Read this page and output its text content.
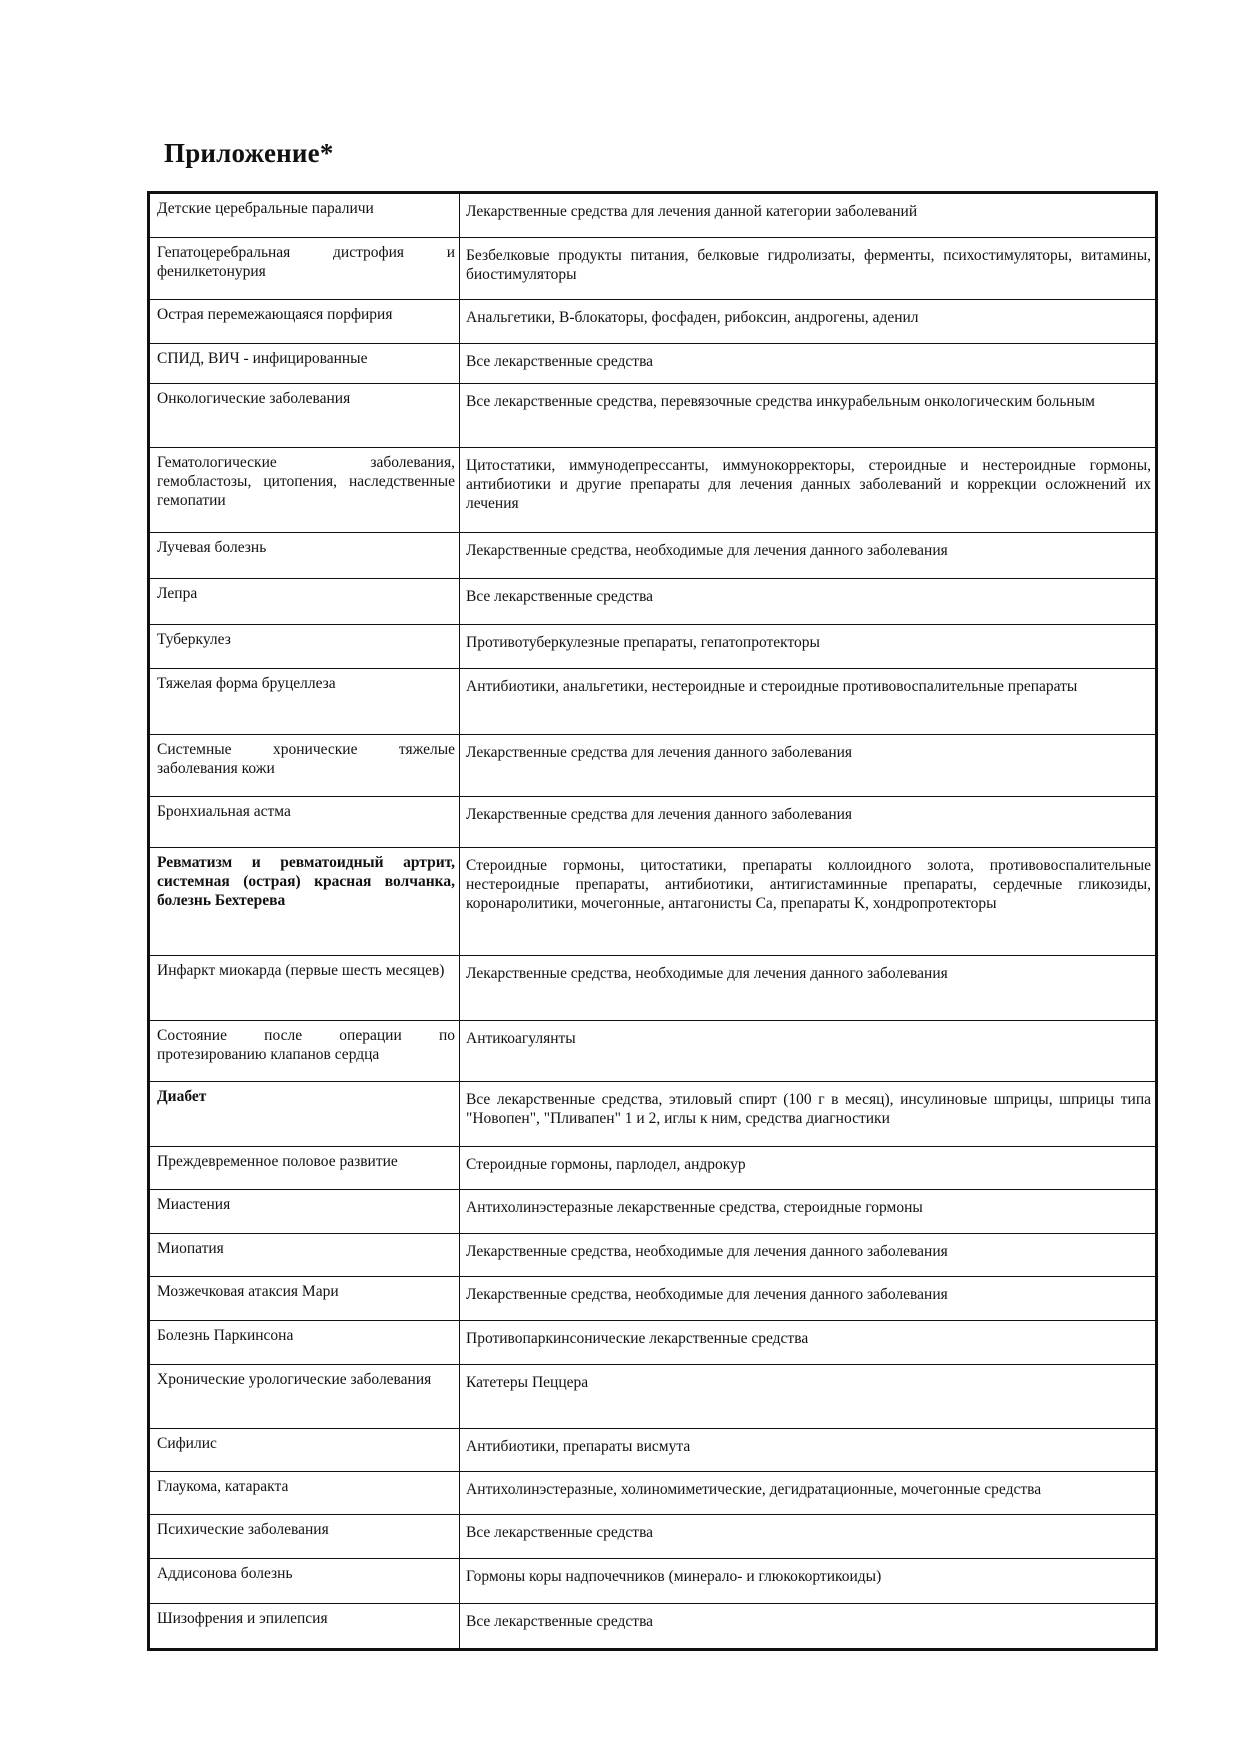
Приложение*
Детские церебральные параличи	Лекарственные средства для лечения данной категории заболеваний
Гепатоцеребральная дистрофия и фенилкетонурия	Безбелковые продукты питания, белковые гидролизаты, ферменты, психостимуляторы, витамины, биостимуляторы
Острая перемежающаяся порфирия	Анальгетики, В-блокаторы, фосфаден, рибоксин, андрогены, аденил
СПИД, ВИЧ - инфицированные	Все лекарственные средства
Онкологические заболевания	Все лекарственные средства, перевязочные средства инкурабельным онкологическим больным
Гематологические заболевания, гемобластозы, цитопения, наследственные гемопатии	Цитостатики, иммунодепрессанты, иммунокорректоры, стероидные и нестероидные гормоны, антибиотики и другие препараты для лечения данных заболеваний и коррекции осложнений их лечения
Лучевая болезнь	Лекарственные средства, необходимые для лечения данного заболевания
Лепра	Все лекарственные средства
Туберкулез	Противотуберкулезные препараты, гепатопротекторы
Тяжелая форма бруцеллеза	Антибиотики, анальгетики, нестероидные и стероидные противовоспалительные препараты
Системные хронические тяжелые заболевания кожи	Лекарственные средства для лечения данного заболевания
Бронхиальная астма	Лекарственные средства для лечения данного заболевания
Ревматизм и ревматоидный артрит, системная (острая) красная волчанка, болезнь Бехтерева	Стероидные гормоны, цитостатики, препараты коллоидного золота, противовоспалительные нестероидные препараты, антибиотики, антигистаминные препараты, сердечные гликозиды, коронаролитики, мочегонные, антагонисты Ca, препараты K, хондропротекторы
Инфаркт миокарда (первые шесть месяцев)	Лекарственные средства, необходимые для лечения данного заболевания
Состояние после операции по протезированию клапанов сердца	Антикоагулянты
Диабет	Все лекарственные средства, этиловый спирт (100 г в месяц), инсулиновые шприцы, шприцы типа "Новопен", "Пливапен" 1 и 2, иглы к ним, средства диагностики
Преждевременное половое развитие	Стероидные гормоны, парлодел, андрокур
Миастения	Антихолинэстеразные лекарственные средства, стероидные гормоны
Миопатия	Лекарственные средства, необходимые для лечения данного заболевания
Мозжечковая атаксия Мари	Лекарственные средства, необходимые для лечения данного заболевания
Болезнь Паркинсона	Противопаркинсонические лекарственные средства
Хронические урологические заболевания	Катетеры Пеццера
Сифилис	Антибиотики, препараты висмута
Глаукома, катаракта	Антихолинэстеразные, холиномиметические, дегидратационные, мочегонные средства
Психические заболевания	Все лекарственные средства
Аддисонова болезнь	Гормоны коры надпочечников (минерало- и глюкокортикоиды)
Шизофрения и эпилепсия	Все лекарственные средства
